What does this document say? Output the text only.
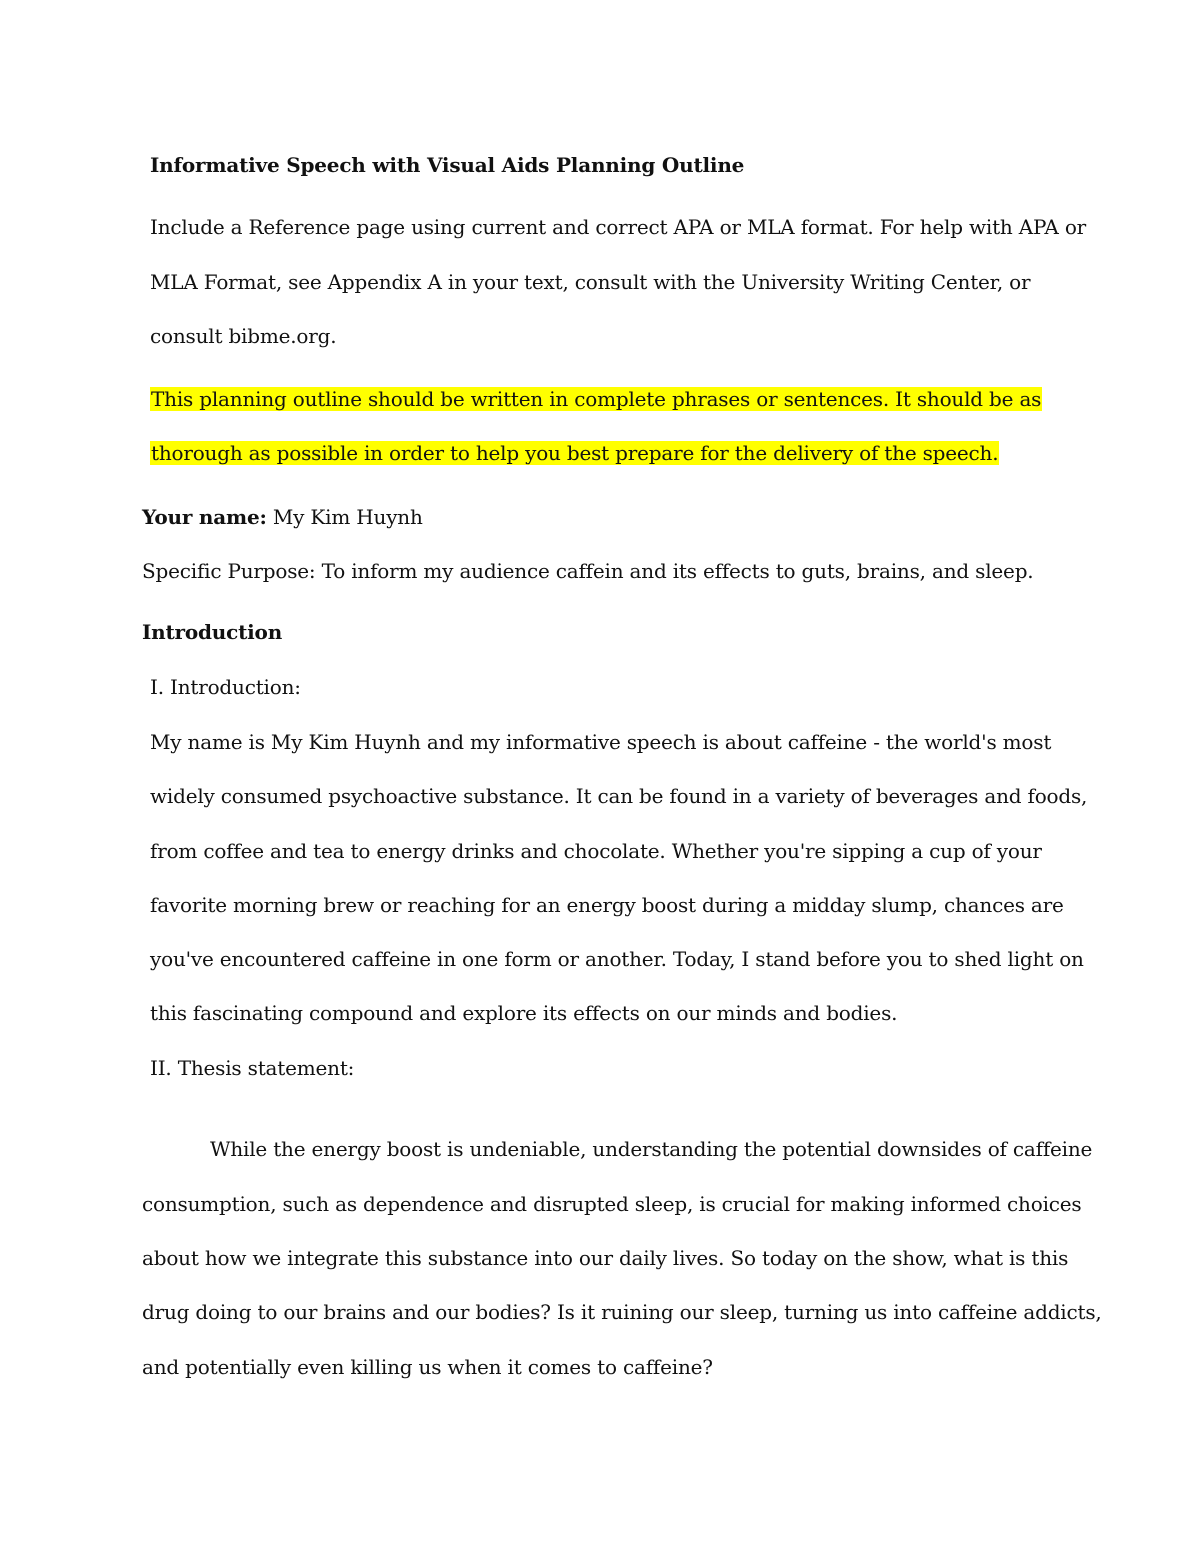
Informative Speech with Visual Aids Planning Outline
Include a Reference page using current and correct APA or MLA format. For help with APA or
MLA Format, see Appendix A in your text, consult with the University Writing Center, or
consult bibme.org.
This planning outline should be written in complete phrases or sentences. It should be as
thorough as possible in order to help you best prepare for the delivery of the speech.
Your name: My Kim Huynh
Specific Purpose: To inform my audience caffein and its effects to guts, brains, and sleep.
Introduction
I. Introduction:
My name is My Kim Huynh and my informative speech is about caffeine - the world's most
widely consumed psychoactive substance. It can be found in a variety of beverages and foods,
from coffee and tea to energy drinks and chocolate. Whether you're sipping a cup of your
favorite morning brew or reaching for an energy boost during a midday slump, chances are
you've encountered caffeine in one form or another. Today, I stand before you to shed light on
this fascinating compound and explore its effects on our minds and bodies.
II. Thesis statement:
While the energy boost is undeniable, understanding the potential downsides of caffeine
consumption, such as dependence and disrupted sleep, is crucial for making informed choices
about how we integrate this substance into our daily lives. So today on the show, what is this
drug doing to our brains and our bodies? Is it ruining our sleep, turning us into caffeine addicts,
and potentially even killing us when it comes to caffeine?
